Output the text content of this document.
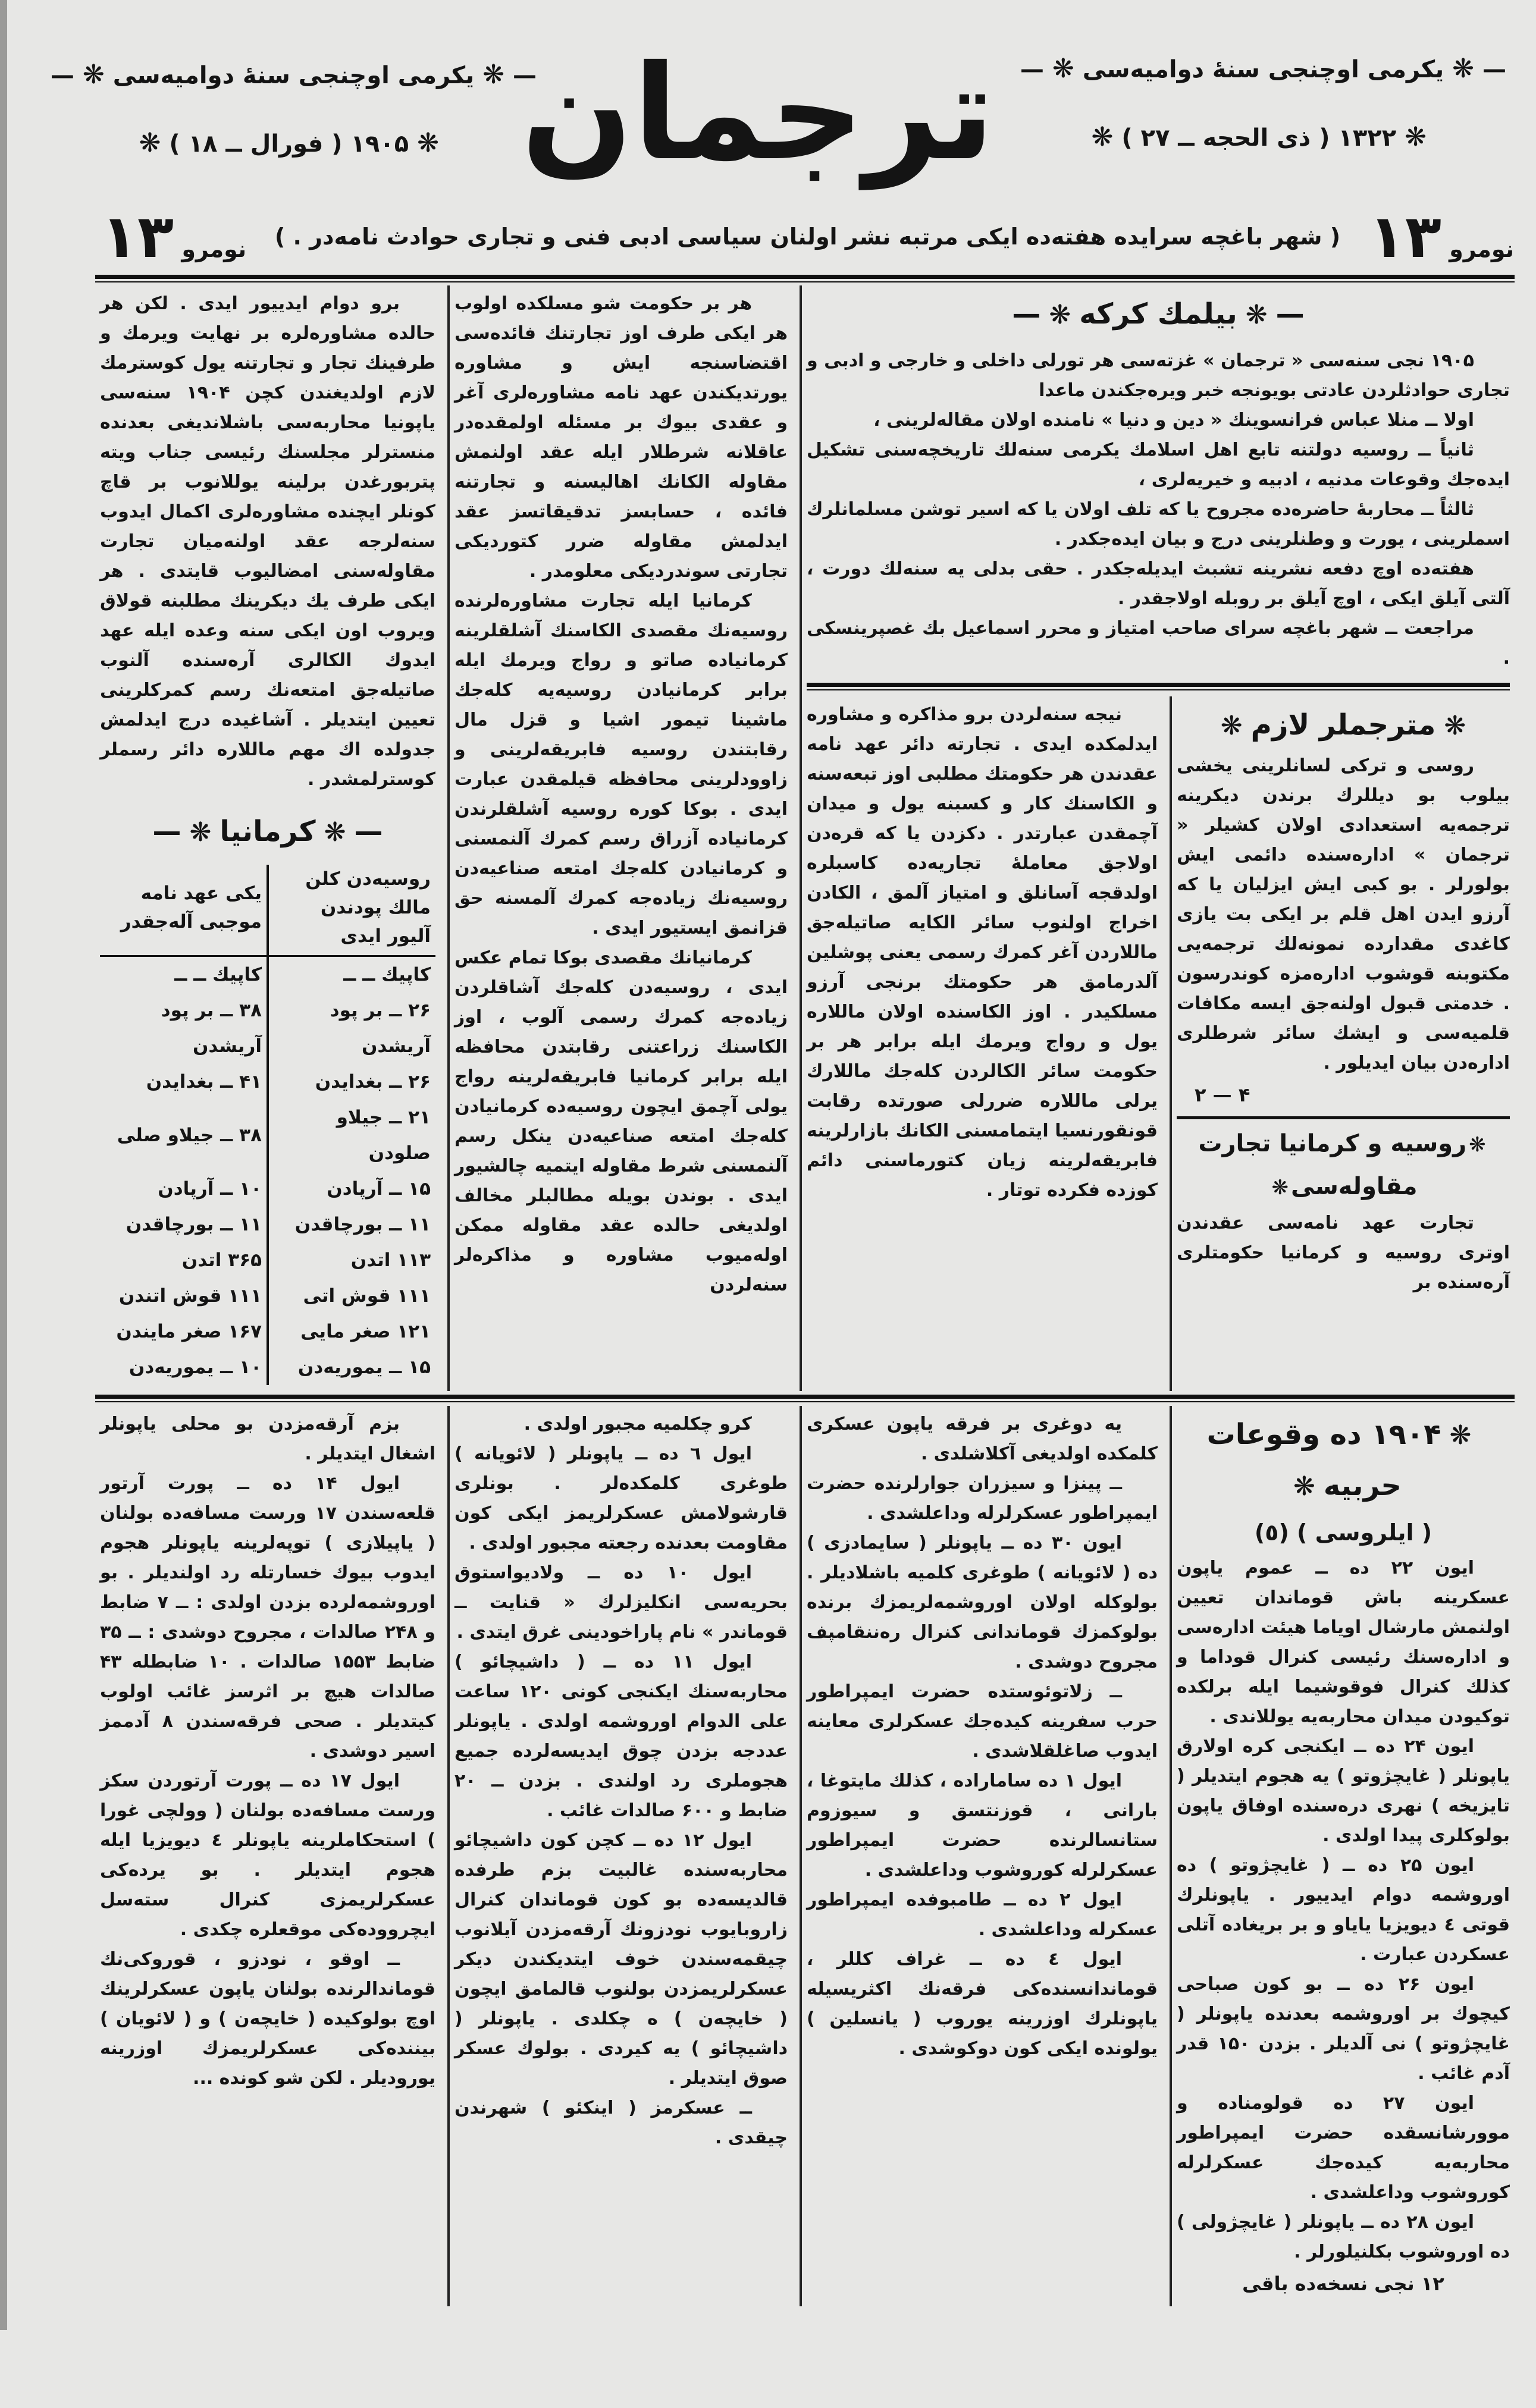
— ❋یكرمی اوچنجی سنهٔ دوامیه‌سی❋—
❋۱۹۰۵ ( فورال ــ ۱۸ ) ❋ ترجمان — ❋	یكرمی اوچنجی سنهٔ دوامیه‌سی❋—
❋۱۳۲۲ ( ذی الحجه ــ ۲۷ )❋
نومرو ۱۳
( شهر باغچه سرایده هفته‌ده ایكی مرتبه نشر اولنان سیاسی ادبی فنی و تجاری حوادث نامه‌در . )
نومرو ۱۳

برو دوام ایدییور ایدی . لكن هر حالده مشاوره‌لره بر نهایت ویرمك و طرفینك تجار و تجارتنه یول كوسترمك لازم اولدیغندن كچن ۱۹۰۴ سنه‌سی یاپونیا محاربه‌سی باشلاندیغی بعدنده منسترلر مجلسنك رئیسی جناب ویته پتربورغدن برلینه یوللانوب بر قاچ كونلر ایچنده مشاوره‌لری اكمال ایدوب سنه‌لرجه عقد اولنه‌میان تجارت مقاوله‌سنی امضالیوب قایتدی . هر ایكی طرف یك دیكرینك مطلبنه قولاق ویروب اون ایكی سنه وعده ایله عهد ایدوك الكالری آره‌سنده آلنوب صاتیله‌جق امتعه‌نك رسم كمركلرینی تعیین ایتدیلر . آشاغیده درج ایدلمش جدولده اك مهم ماللاره دائر رسملر كوسترلمشدر .

— ❋كرمانیا❋—
روسیه‌دن كلن مالك پودندن آلیور ایدی	یكی عهد نامه موجبی آله‌جقدر
كاپیك ــ ــ	كاپیك ــ ــ
۲۶ ــ بر پود آریشدن	۳۸ ــ بر پود آریشدن
۲۶ ــ بغدایدن	۴۱ ــ بغدایدن
۲۱ ــ جیلاو صلودن	۳۸ ــ جیلاو صلی
۱۵ ــ آرپادن	۱۰ ــ آرپادن
۱۱ ــ بورچاقدن	۱۱ ــ بورچاقدن
۱۱۳ اتدن	۳۶۵ اتدن
۱۱۱ قوش اتی	۱۱۱ قوش اتندن
۱۲۱ صغر مایی	۱۶۷ صغر مایندن
۱۵ ــ یموریه‌دن	۱۰ ــ یموریه‌دن

هر بر حكومت شو مسلكده اولوب هر ایكی طرف اوز تجارتنك فائده‌سی اقتضاسنجه ایش و مشاوره یورتدیكندن عهد نامه مشاوره‌لری آغر و عقدی بیوك بر مسئله اولمقده‌در عاقلانه شرطلار ایله عقد اولنمش مقاوله الكانك اهالیسنه و تجارتنه فائده ، حسابسز تدقیقاتسز عقد ایدلمش مقاوله ضرر كتوردیكی تجارتی سوندردیكی معلومدر .

كرمانیا ایله تجارت مشاوره‌لرنده روسیه‌نك مقصدی الكاسنك آشلقلرینه كرمانیاده صاتو و رواج ویرمك ایله برابر كرمانیادن روسیه‌یه كله‌جك ماشینا تیمور اشیا و قزل مال رقابتندن روسیه فابریقه‌لرینی و زاوودلرینی محافظه قیلمقدن عبارت ایدی . بوكا كوره روسیه آشلقلرندن كرمانیاده آزراق رسم كمرك آلنمسنی و كرمانیادن كله‌جك امتعه صناعیه‌دن روسیه‌نك زیاده‌جه كمرك آلمسنه حق قزانمق ایستیور ایدی .

كرمانیانك مقصدی بوكا تمام عكس ایدی ، روسیه‌دن كله‌جك آشاقلردن زیاده‌جه كمرك رسمی آلوب ، اوز الكاسنك زراعتنی رقابتدن محافظه ایله برابر كرمانیا فابریقه‌لرینه رواج یولی آچمق ایچون روسیه‌ده كرمانیادن كله‌جك امتعه صناعیه‌دن ینكل رسم آلنمسنی شرط مقاوله ایتمیه چالشیور ایدی . بوندن بویله مطالبلر مخالف اولدیغی حالده عقد مقاوله ممكن اوله‌میوب مشاوره و مذاكره‌لر سنه‌لردن

— ❋بیلمك كركه❋—

۱۹۰۵ نجی سنه‌سی « ترجمان » غزته‌سی هر تورلی داخلی و خارجی و ادبی و تجاری حوادثلردن عادتی بویونجه خبر ویره‌جكندن ماعدا

اولا ــ منلا عباس فرانسوینك « دین و دنیا » نامنده اولان مقاله‌لرینی ،

ثانیاً ــ روسیه دولتنه تابع اهل اسلامك یكرمی سنه‌لك تاریخچه‌سنی تشكیل ایده‌جك وقوعات مدنیه ، ادبیه و خیریه‌لری ،

ثالثاً ــ محاربهٔ حاضره‌ده مجروح یا كه تلف اولان یا كه اسیر توشن مسلمانلرك اسملرینی ، یورت و وطنلرینی درج و بیان ایده‌جكدر .

هفته‌ده اوچ دفعه نشرینه تشبث ایدیله‌جكدر . حقی بدلی یه سنه‌لك دورت ، آلتی آیلق ایكی ، اوچ آیلق بر روبله اولاجقدر .

مراجعت ــ شهر باغچه سرای صاحب امتیاز و محرر اسماعیل بك غصپرینسكی .

نیجه سنه‌لردن برو مذاكره و مشاوره ایدلمكده ایدی . تجارته دائر عهد نامه عقدندن هر حكومتك مطلبی اوز تبعه‌سنه و الكاسنك كار و كسبنه یول و میدان آچمقدن عبارتدر . دكزدن یا كه قره‌دن اولاجق معاملهٔ تجاریه‌ده كاسبلره اولدقجه آسانلق و امتیاز آلمق ، الكادن اخراج اولنوب سائر الكایه صاتیله‌جق ماللاردن آغر كمرك رسمی یعنی پوشلین آلدرمامق هر حكومتك برنجی آرزو مسلكیدر . اوز الكاسنده اولان ماللاره یول و رواج ویرمك ایله برابر هر بر حكومت سائر الكالردن كله‌جك ماللارك یرلی ماللاره ضررلی صورتده رقابت قونقورنسیا ایتمامسنی الكانك بازارلرینه فابریقه‌لرینه زیان كتورماسنی دائم كوزده فكرده توتار .

❋مترجملر لازم❋

روسی و تركی لسانلرینی یخشی بیلوب بو دیللرك برندن دیكرینه ترجمه‌یه استعدادی اولان كشیلر « ترجمان » اداره‌سنده دائمی ایش بولورلر . بو كبی ایش ایزلیان یا كه آرزو ایدن اهل قلم بر ایكی بت یازی كاغدی مقدارده نمونه‌لك ترجمه‌یی مكتوبنه قوشوب اداره‌مزه كوندرسون . خدمتی قبول اولنه‌جق ایسه مكافات قلمیه‌سی و ایشك سائر شرطلری اداره‌دن بیان ایدیلور .

۴ — ۲
❋روسیه و كرمانیا تجارت مقاوله‌سی❋

تجارت عهد نامه‌سی عقدندن اوتری روسیه و كرمانیا حكومتلری آره‌سنده بر

بزم آرقه‌مزدن بو محلی یاپونلر اشغال ایتدیلر .

ایول ۱۴ ده ــ پورت آرتور قلعه‌سندن ۱۷ ورست مسافه‌ده بولنان ( یاپیلازی ) توپه‌لرینه یاپونلر هجوم ایدوب بیوك خسارتله رد اولندیلر . بو اوروشمه‌لرده بزدن اولدی : ــ ۷ ضابط و ۲۴۸ صالدات ، مجروح دوشدی : ــ ۳۵ ضابط ۱۵۵۳ صالدات . ۱۰ ضابطله ۴۳ صالدات هیچ بر اثرسز غائب اولوب كیتدیلر . صحی فرقه‌سندن ۸ آدممز اسیر دوشدی .

ایول ۱۷ ده ــ پورت آرتوردن سكز ورست مسافه‌ده بولنان ( وولچی غورا ) استحكاملرینه یاپونلر ٤ دیویزیا ایله هجوم ایتدیلر . بو یرده‌كی عسكرلریمزی كنرال ستەسل ایچرووده‌كی موقعلره چكدی .

ــ اوقو ، نودزو ، قوروكی‌نك قوماندالرنده بولنان یاپون عسكرلرینك اوچ بولوكیده ( خایچه‌ن ) و ( لائویان ) بیننده‌كی عسكرلریمزك اوزرینه یورودیلر . لكن شو كونده ...

كرو چكلمیه مجبور اولدی .

ایول ٦ ده ــ یاپونلر ( لائویانه ) طوغری كلمكده‌لر . بونلری قارشولامش عسكرلریمز ایكی كون مقاومت بعدنده رجعته مجبور اولدی .

ایول ۱۰ ده ــ ولادیواستوق بحریه‌سی انكلیزلرك « قنایت ــ قوماندر » نام پاراخودینی غرق ایتدی .

ایول ۱۱ ده ــ ( داشیچائو ) محاربه‌سنك ایكنجی كونی ۱۲۰ ساعت علی الدوام اوروشمه اولدی . یاپونلر عددجه بزدن چوق ایدیسه‌لرده جمیع هجوملری رد اولندی . بزدن ــ ۲۰ ضابط و ۶۰۰ صالدات غائب .

ایول ۱۲ ده ــ كچن كون داشیچائو محاربه‌سنده غالبیت بزم طرفده قالدیسه‌ده بو كون قوماندان كنرال زاروبایوب نودزونك آرقه‌مزدن آیلانوب چیقمه‌سندن خوف ایتدیكندن دیكر عسكرلریمزدن بولنوب قالمامق ایچون ( خایچه‌ن ) ه چكلدی . یاپونلر ( داشیچائو ) یه كیردی . بولوك عسكر صوق ایتدیلر .

ــ عسكرمز ( اینكئو ) شهرندن چیقدی .

یه دوغری بر فرقه یاپون عسكری كلمكده اولدیغی آكلاشلدی .

ــ پینزا و سیزران جوارلرنده حضرت ایمپراطور عسكرلرله وداعلشدی .

ایون ۳۰ ده ــ یاپونلر ( سایمادزی ) ده ( لائویانه ) طوغری كلمیه باشلادیلر . بولوكله اولان اوروشمه‌لریمزك برنده بولوكمزك قوماندانی كنرال رەننقامپف مجروح دوشدی .

ــ زلاتوئوستده حضرت ایمپراطور حرب سفرینه كیده‌جك عسكرلری معاینه ایدوب صاغلقلاشدی .

ایول ۱ ده سامارا‌ده ، كذلك مایتوغا ، بارانی ، قوزنتسق و سیوزوم ستانسالرنده حضرت ایمپراطور عسكرلرله كوروشوب وداعلشدی .

ایول ۲ ده ــ طامبوفده ایمپراطور عسكرله وداعلشدی .

ایول ٤ ده ــ غراف كللر ، قوماندانسنده‌كی فرقه‌نك اكثریسیله یاپونلرك اوزرینه یوروب ( یانسلین ) یولونده ایكی كون دوكوشدی .

❋۱۹۰۴ ده وقوعات حربیه❋
( ایلروسی ) (٥)

ایون ۲۲ ده ــ عموم یاپون عسكرینه باش قوماندان تعیین اولنمش مارشال اویاما هیئت اداره‌سی و اداره‌سنك رئیسی كنرال قوداما و كذلك كنرال فوقوشیما ایله برلكده توكیودن میدان محاربه‌یه یوللاندی .

ایون ۲۴ ده ــ ایكنجی كره اولارق یاپونلر ( غایچژوتو ) یه هجوم ایتدیلر ( تایزیخه ) نهری دره‌سنده اوفاق یاپون بولوكلری پیدا اولدی .

ایون ۲۵ ده ــ ( غایچژوتو ) ده اوروشمه دوام ایدییور . یاپونلرك قوتی ٤ دیویزیا یایاو و بر بریغاده آتلی عسكردن عبارت .

ایون ۲۶ ده ــ بو كون صباحی كیچوك بر اوروشمه بعدنده یاپونلر ( غایچژوتو ) نی آلدیلر . بزدن ۱۵۰ قدر آدم غائب .

ایون ۲۷ ده قولومناده و موورشانسقده حضرت ایمپراطور محاربه‌یه كیده‌جك عسكرلرله كوروشوب وداعلشدی .

ایون ۲۸ ده ــ یاپونلر ( غایچژولی ) ده اوروشوب بكلنیلورلر .

۱۲ نجی نسخه‌ده باقی
